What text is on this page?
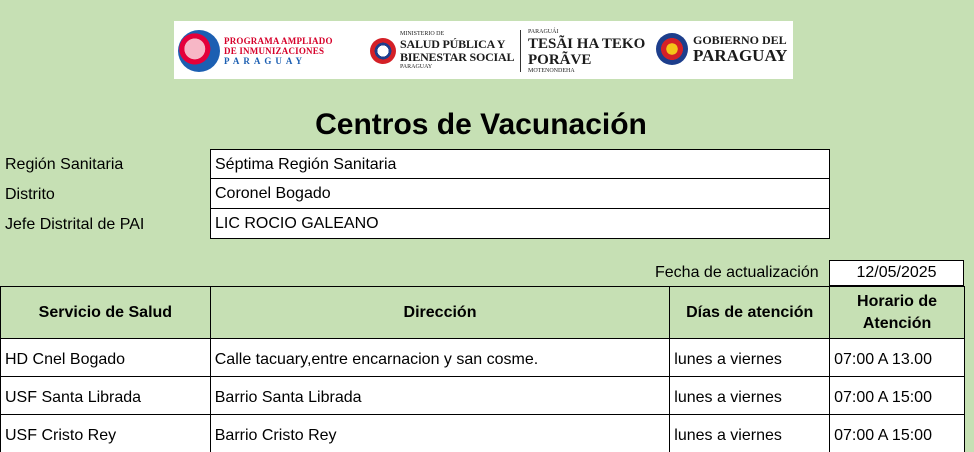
PROGRAMA AMPLIADO
DE INMUNIZACIONES
PARAGUAY
MINISTERIO DE
SALUD PÚBLICA Y
BIENESTAR SOCIAL
PARAGUAY
PARAGUÁI
TESÃI HA TEKO
PORÃVE
MOTENONDEHA
GOBIERNO DEL
PARAGUAY
Centros de Vacunación
Región Sanitaria	Séptima Región Sanitaria
Distrito	Coronel Bogado
Jefe Distrital de PAI	LIC ROCIO GALEANO
Fecha de actualización	12/05/2025
Servicio de Salud	Dirección	Días de atención	Horario de Atención
HD Cnel Bogado	Calle tacuary,entre encarnacion y san cosme.	lunes a viernes	07:00 A 13.00
USF Santa Librada	Barrio Santa Librada	lunes a viernes	07:00 A 15:00
USF Cristo Rey	Barrio Cristo Rey	lunes a viernes	07:00 A 15:00
